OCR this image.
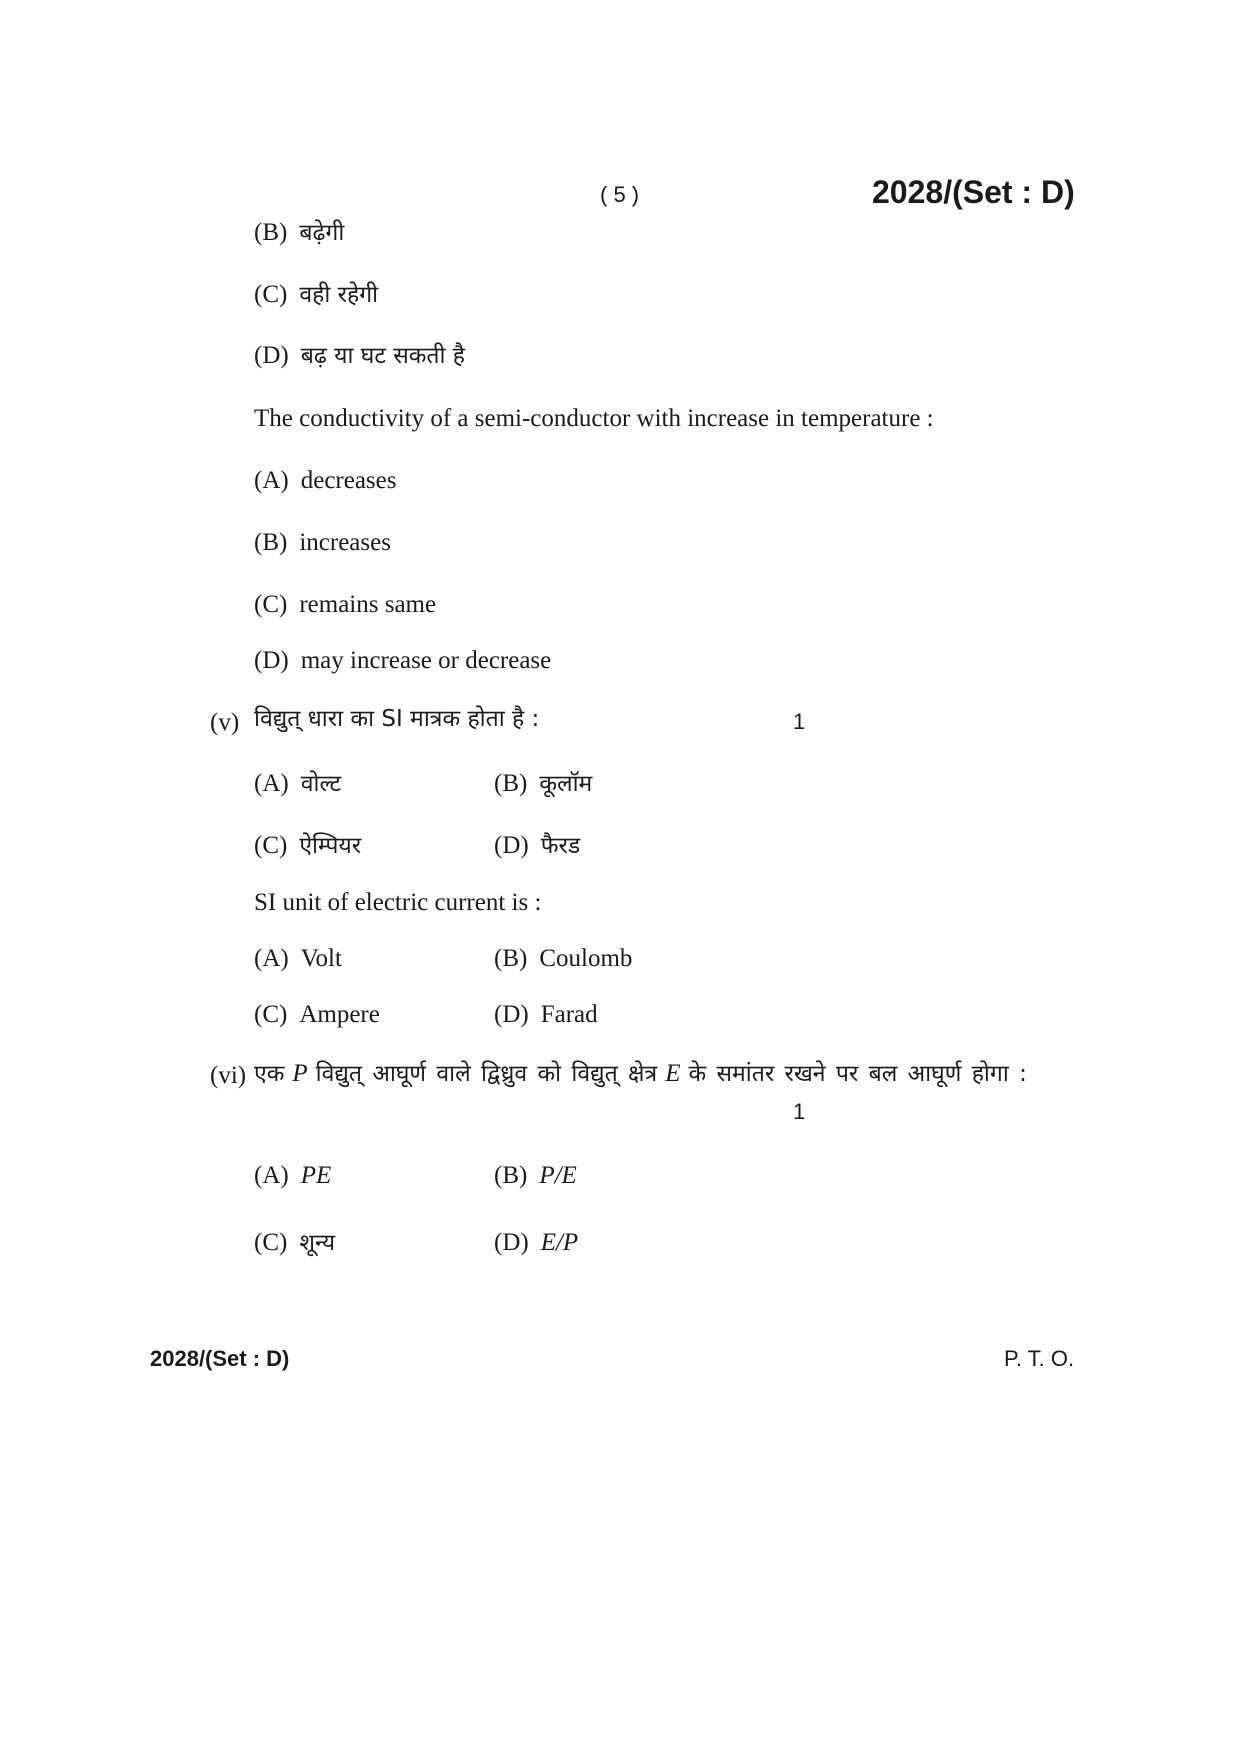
( 5 )	2028/(Set : D)
(B) बढ़ेगी
(C) वही रहेगी
(D) बढ़ या घट सकती है
The conductivity of a semi-conductor with increase in temperature :
(A) decreases
(B) increases
(C) remains same
(D) may increase or decrease
(v) विद्युत् धारा का SI मात्रक होता है :	1
(A) वोल्ट	(B) कूलॉम
(C) ऐम्पियर	(D) फैरड
SI unit of electric current is :
(A) Volt	(B) Coulomb
(C) Ampere	(D) Farad
(vi) एक P विद्युत् आघूर्ण वाले द्विध्रुव को विद्युत् क्षेत्र E के समांतर रखने पर बल आघूर्ण होगा :
1
(A) PE	(B) P/E
(C) शून्य	(D) E/P
2028/(Set : D)	P. T. O.
